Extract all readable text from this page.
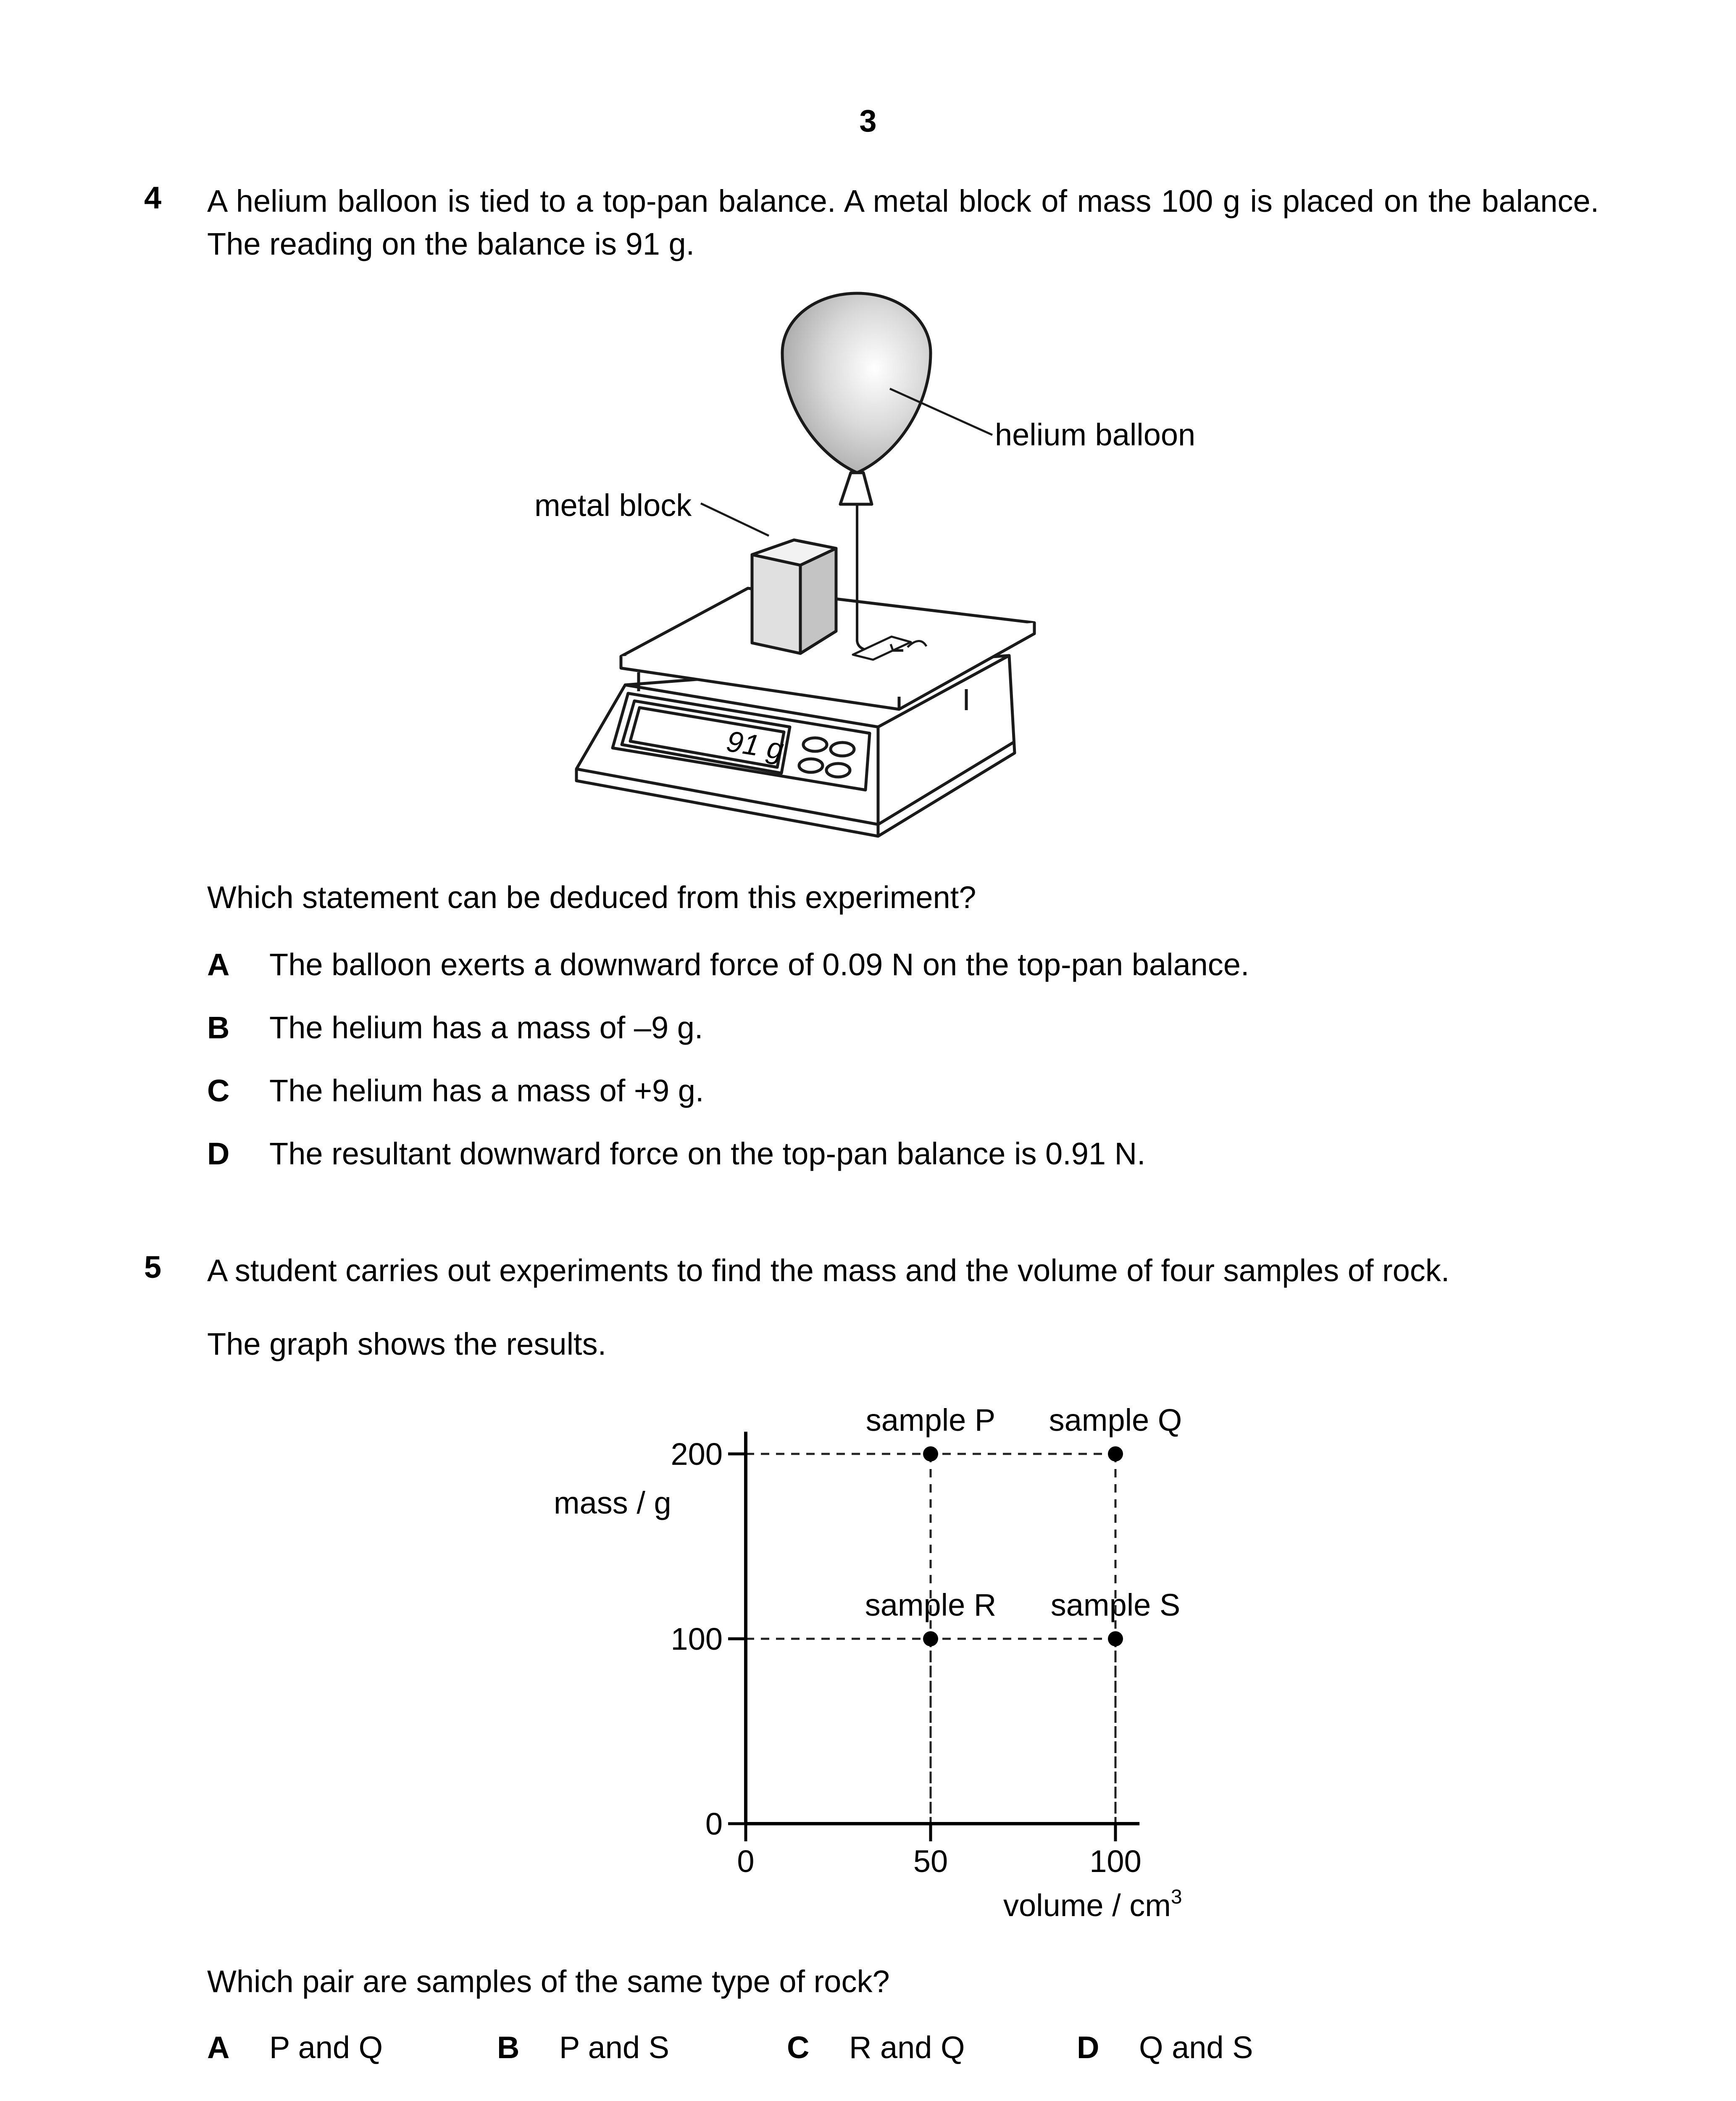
3
4 A helium balloon is tied to a top-pan balance. A metal block of mass 100 g is placed on the balance. The reading on the balance is 91 g.
helium balloon
metal block
91 g
Which statement can be deduced from this experiment?
A The balloon exerts a downward force of 0.09 N on the top-pan balance.
B The helium has a mass of –9 g.
C The helium has a mass of +9 g.
D The resultant downward force on the top-pan balance is 0.91 N.
5 A student carries out experiments to find the mass and the volume of four samples of rock.
The graph shows the results.
0	50	100
0
100
200
sample P sample Q
sample R sample S
mass / g
volume / $cm^3$
Which pair are samples of the same type of rock?
A P and Q	B P and S	C R and Q	D Q and S
